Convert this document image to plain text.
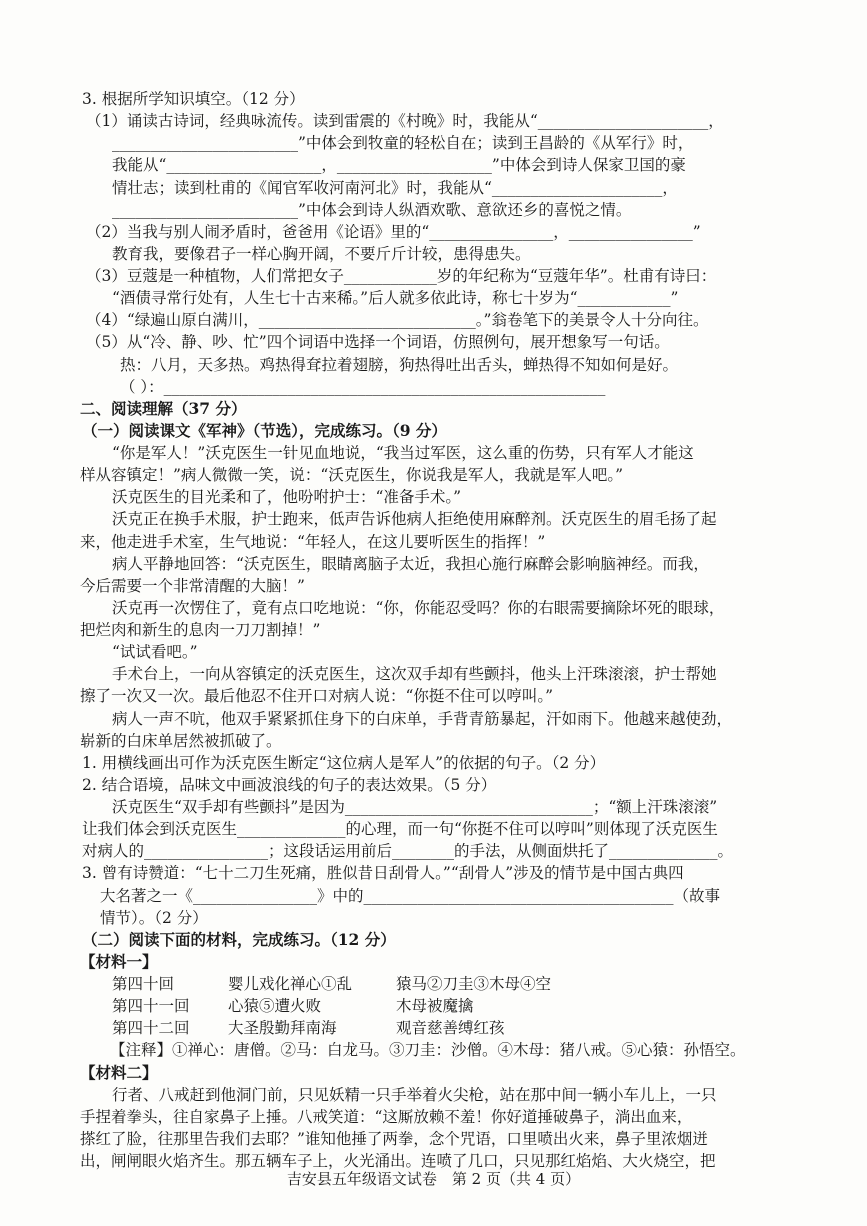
3. 根据所学知识填空。（12 分）
（1）诵读古诗词，经典咏流传。读到雷震的《村晚》时，我能从“______________________，
________________________”中体会到牧童的轻松自在；读到王昌龄的《从军行》时，
我能从“____________________，____________________”中体会到诗人保家卫国的豪
情壮志；读到杜甫的《闻官军收河南河北》时，我能从“______________________，
________________________”中体会到诗人纵酒欢歌、意欲还乡的喜悦之情。
（2）当我与别人闹矛盾时，爸爸用《论语》里的“________________，________________”
教育我，要像君子一样心胸开阔，不要斤斤计较，患得患失。
（3）豆蔻是一种植物，人们常把女子____________岁的年纪称为“豆蔻年华”。杜甫有诗曰：
“酒债寻常行处有，人生七十古来稀。”后人就多依此诗，称七十岁为“____________”
（4）“绿遍山原白满川，____________________________。”翁卷笔下的美景令人十分向往。
（5）从“冷、静、吵、忙”四个词语中选择一个词语，仿照例句，展开想象写一句话。
热：八月，天多热。鸡热得耷拉着翅膀，狗热得吐出舌头，蝉热得不知如何是好。
（ ）：_________________________________________________________
二、阅读理解（37 分）
（一）阅读课文《军神》（节选），完成练习。（9 分）
“你是军人！”沃克医生一针见血地说，“我当过军医，这么重的伤势，只有军人才能这
样从容镇定！”病人微微一笑，说：“沃克医生，你说我是军人，我就是军人吧。”
沃克医生的目光柔和了，他吩咐护士：“准备手术。”
沃克正在换手术服，护士跑来，低声告诉他病人拒绝使用麻醉剂。沃克医生的眉毛扬了起
来，他走进手术室，生气地说：“年轻人，在这儿要听医生的指挥！”
病人平静地回答：“沃克医生，眼睛离脑子太近，我担心施行麻醉会影响脑神经。而我，
今后需要一个非常清醒的大脑！”
沃克再一次愣住了，竟有点口吃地说：“你，你能忍受吗？你的右眼需要摘除坏死的眼球，
把烂肉和新生的息肉一刀刀割掉！”
“试试看吧。”
手术台上，一向从容镇定的沃克医生，这次双手却有些颤抖，他头上汗珠滚滚，护士帮她
擦了一次又一次。最后他忍不住开口对病人说：“你挺不住可以哼叫。”
病人一声不吭，他双手紧紧抓住身下的白床单，手背青筋暴起，汗如雨下。他越来越使劲，
崭新的白床单居然被抓破了。
1. 用横线画出可作为沃克医生断定“这位病人是军人”的依据的句子。（2 分）
2. 结合语境，品味文中画波浪线的句子的表达效果。（5 分）
沃克医生“双手却有些颤抖”是因为________________________________；“额上汗珠滚滚”
让我们体会到沃克医生______________的心理，而一句“你挺不住可以哼叫”则体现了沃克医生
对病人的________________；这段话运用前后________的手法，从侧面烘托了______________。
3. 曾有诗赞道：“七十二刀生死痛，胜似昔日刮骨人。”“刮骨人”涉及的情节是中国古典四
大名著之一《________________》中的________________________________________（故事
情节）。（2 分）
（二）阅读下面的材料，完成练习。（12 分）
【材料一】
【注释】①禅心：唐僧。②马：白龙马。③刀圭：沙僧。④木母：猪八戒。⑤心猿：孙悟空。
【材料二】
行者、八戒赶到他洞门前，只见妖精一只手举着火尖枪，站在那中间一辆小车儿上，一只
手捏着拳头，往自家鼻子上捶。八戒笑道：“这厮放赖不羞！你好道捶破鼻子，淌出血来，
搽红了脸，往那里告我们去耶？”谁知他捶了两拳，念个咒语，口里喷出火来，鼻子里浓烟迸
出，闸闸眼火焰齐生。那五辆车子上，火光涌出。连喷了几口，只见那红焰焰、大火烧空，把
第四十回	婴儿戏化禅心①乱	猿马②刀圭③木母④空
第四十一回 心猿⑤遭火败	木母被魔擒
第四十二回 大圣殷勤拜南海	观音慈善缚红孩
吉安县五年级语文试卷　第 2 页（共 4 页）
